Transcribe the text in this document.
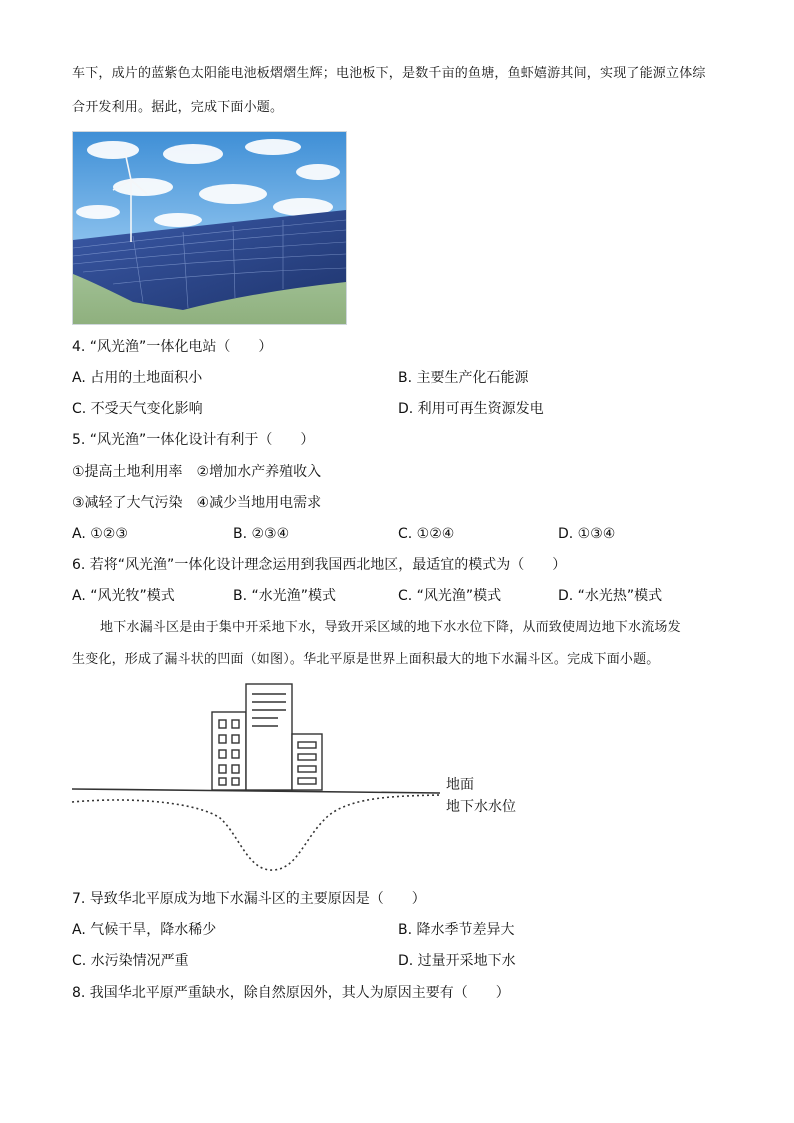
车下，成片的蓝紫色太阳能电池板熠熠生辉；电池板下，是数千亩的鱼塘，鱼虾嬉游其间，实现了能源立体综
合开发利用。据此，完成下面小题。
4. “风光渔”一体化电站（　　）
A. 占用的土地面积小	B. 主要生产化石能源
C. 不受天气变化影响	D. 利用可再生资源发电
5. “风光渔”一体化设计有利于（　　）
①提高土地利用率　②增加水产养殖收入
③减轻了大气污染　④减少当地用电需求
A. ①②③	B. ②③④	C. ①②④	D. ①③④
6. 若将“风光渔”一体化设计理念运用到我国西北地区，最适宜的模式为（　　）
A. “风光牧”模式	B. “水光渔”模式	C. “风光渔”模式	D. “水光热”模式
地下水漏斗区是由于集中开采地下水，导致开采区域的地下水水位下降，从而致使周边地下水流场发
生变化，形成了漏斗状的凹面（如图）。华北平原是世界上面积最大的地下水漏斗区。完成下面小题。
地面
地下水水位
7. 导致华北平原成为地下水漏斗区的主要原因是（　　）
A. 气候干旱，降水稀少	B. 降水季节差异大
C. 水污染情况严重	D. 过量开采地下水
8. 我国华北平原严重缺水，除自然原因外，其人为原因主要有（　　）
